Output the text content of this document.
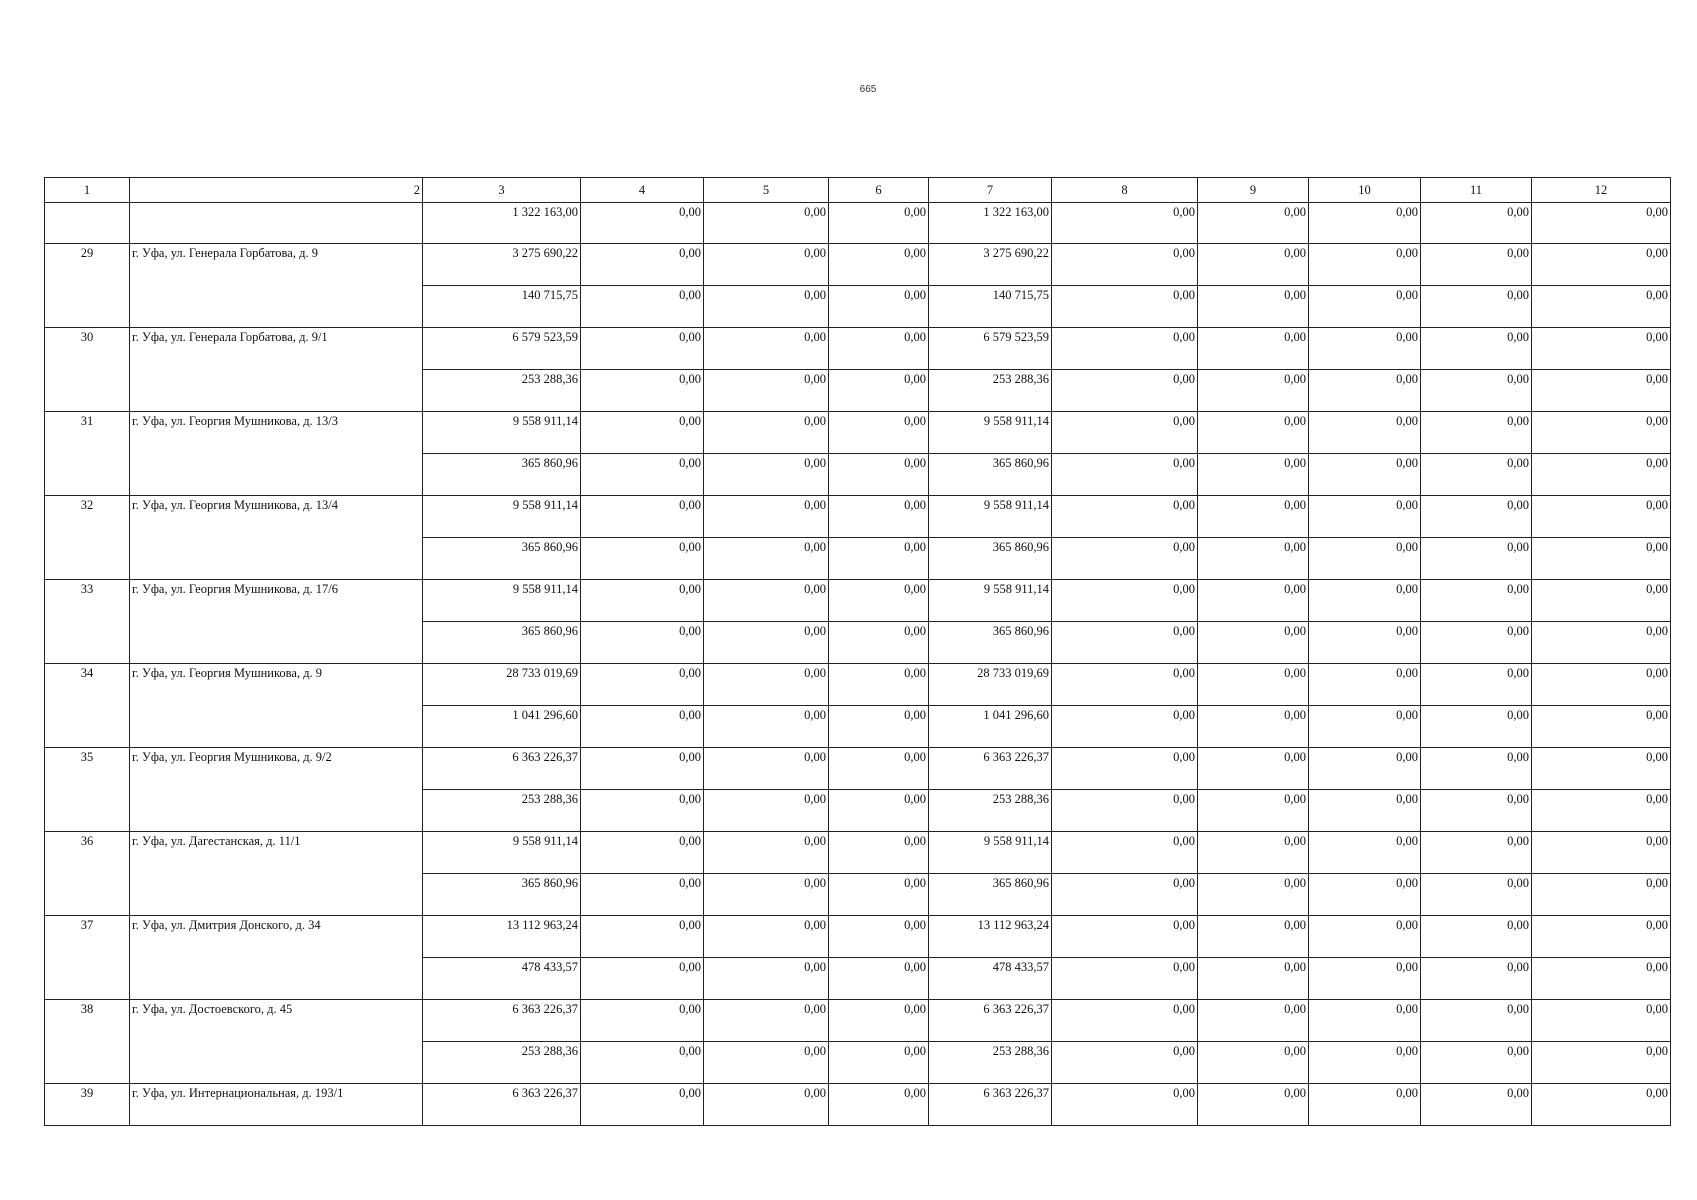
665
1	2	3	4	5	6	7	8	9	10	11	12
		1 322 163,00	0,00	0,00	0,00	1 322 163,00	0,00	0,00	0,00	0,00	0,00
29	г. Уфа, ул. Генерала Горбатова, д. 9	3 275 690,22	0,00	0,00	0,00	3 275 690,22	0,00	0,00	0,00	0,00	0,00
		140 715,75	0,00	0,00	0,00	140 715,75	0,00	0,00	0,00	0,00	0,00
30	г. Уфа, ул. Генерала Горбатова, д. 9/1	6 579 523,59	0,00	0,00	0,00	6 579 523,59	0,00	0,00	0,00	0,00	0,00
		253 288,36	0,00	0,00	0,00	253 288,36	0,00	0,00	0,00	0,00	0,00
31	г. Уфа, ул. Георгия Мушникова, д. 13/3	9 558 911,14	0,00	0,00	0,00	9 558 911,14	0,00	0,00	0,00	0,00	0,00
		365 860,96	0,00	0,00	0,00	365 860,96	0,00	0,00	0,00	0,00	0,00
32	г. Уфа, ул. Георгия Мушникова, д. 13/4	9 558 911,14	0,00	0,00	0,00	9 558 911,14	0,00	0,00	0,00	0,00	0,00
		365 860,96	0,00	0,00	0,00	365 860,96	0,00	0,00	0,00	0,00	0,00
33	г. Уфа, ул. Георгия Мушникова, д. 17/6	9 558 911,14	0,00	0,00	0,00	9 558 911,14	0,00	0,00	0,00	0,00	0,00
		365 860,96	0,00	0,00	0,00	365 860,96	0,00	0,00	0,00	0,00	0,00
34	г. Уфа, ул. Георгия Мушникова, д. 9	28 733 019,69	0,00	0,00	0,00	28 733 019,69	0,00	0,00	0,00	0,00	0,00
		1 041 296,60	0,00	0,00	0,00	1 041 296,60	0,00	0,00	0,00	0,00	0,00
35	г. Уфа, ул. Георгия Мушникова, д. 9/2	6 363 226,37	0,00	0,00	0,00	6 363 226,37	0,00	0,00	0,00	0,00	0,00
		253 288,36	0,00	0,00	0,00	253 288,36	0,00	0,00	0,00	0,00	0,00
36	г. Уфа, ул. Дагестанская, д. 11/1	9 558 911,14	0,00	0,00	0,00	9 558 911,14	0,00	0,00	0,00	0,00	0,00
		365 860,96	0,00	0,00	0,00	365 860,96	0,00	0,00	0,00	0,00	0,00
37	г. Уфа, ул. Дмитрия Донского, д. 34	13 112 963,24	0,00	0,00	0,00	13 112 963,24	0,00	0,00	0,00	0,00	0,00
		478 433,57	0,00	0,00	0,00	478 433,57	0,00	0,00	0,00	0,00	0,00
38	г. Уфа, ул. Достоевского, д. 45	6 363 226,37	0,00	0,00	0,00	6 363 226,37	0,00	0,00	0,00	0,00	0,00
		253 288,36	0,00	0,00	0,00	253 288,36	0,00	0,00	0,00	0,00	0,00
39	г. Уфа, ул. Интернациональная, д. 193/1	6 363 226,37	0,00	0,00	0,00	6 363 226,37	0,00	0,00	0,00	0,00	0,00
